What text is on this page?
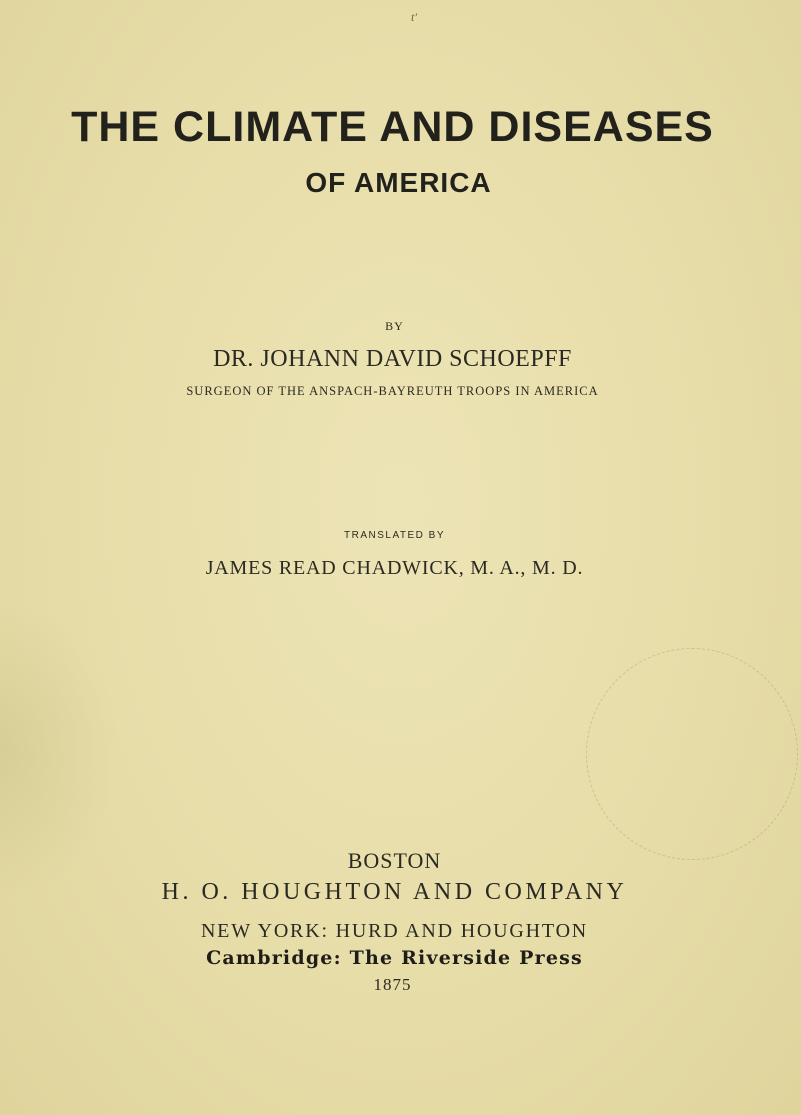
t'
THE CLIMATE AND DISEASES
OF AMERICA

BY

DR. JOHANN DAVID SCHOEPFF

SURGEON OF THE ANSPACH-BAYREUTH TROOPS IN AMERICA

TRANSLATED BY

JAMES READ CHADWICK, M. A., M. D.

BOSTON

H. O. HOUGHTON AND COMPANY

NEW YORK: HURD AND HOUGHTON

Cambridge: The Riverside Press

1875
